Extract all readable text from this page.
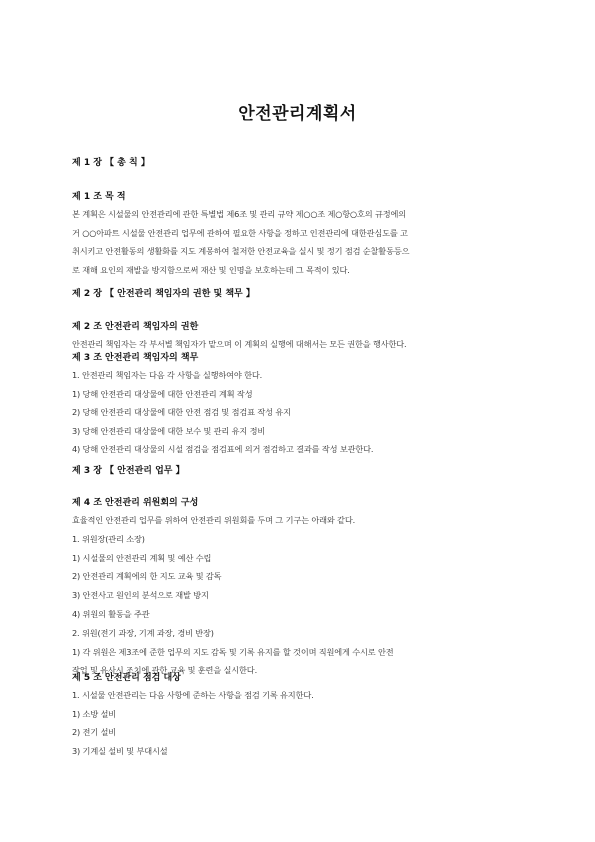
안전관리계획서

제 1 장 【 총 칙 】

제 1 조 목 적

본 계획은 시설물의 안전관리에 관한 특별법 제6조 및 관리 규약 제○○조 제○항○호의 규정에의

거 ○○아파트 시설물 안전관리 업무에 관하여 필요한 사항을 정하고 인전관리에 대한관심도를 고

취시키고 안전활동의 생활화를 지도 계몽하여 철저한 안전교육을 실시 및 정기 점검 순찰활동등으

로 재해 요인의 재발을 방지함으로써 재산 및 인명을 보호하는데 그 목적이 있다.

제 2 장 【 안전관리 책임자의 권한 및 책무 】

제 2 조 안전관리 책임자의 권한

안전관리 책임자는 각 부서별 책임자가 맡으며 이 계획의 실행에 대해서는 모든 권한을 행사한다.

제 3 조 안전관리 책임자의 책무

1. 안전관리 책임자는 다음 각 사항을 실행하여야 한다.

1) 당해 안전관리 대상물에 대한 안전관리 계획 작성

2) 당해 안전관리 대상물에 대한 안전 점검 및 점검표 작성 유지

3) 당해 안전관리 대상물에 대한 보수 및 관리 유지 정비

4) 당해 안전관리 대상물의 시설 점검을 점검표에 의거 점검하고 결과를 작성 보관한다.

제 3 장 【 안전관리 업무 】

제 4 조 안전관리 위원회의 구성

효율적인 안전관리 업무를 위하여 안전관리 위원회를 두며 그 기구는 아래와 같다.

1. 위원장(관리 소장)

1) 시설물의 안전관리 계획 및 예산 수립

2) 안전관리 계획에의 한 지도 교육 및 감독

3) 안전사고 원인의 분석으로 재발 방지

4) 위원의 활동을 주관

2. 위원(전기 과장, 기계 과장, 경비 반장)

1) 각 위원은 제3조에 준한 업무의 지도 감독 및 기록 유지를 할 것이며 직원에게 수시로 안전

작업 및 유사시 조치에 관한 교육 및 훈련을 실시한다.

제 5 조 안전관리 점검 대상

1. 시설물 안전관리는 다음 사항에 준하는 사항을 점검 기록 유지한다.

1) 소방 설비

2) 전기 설비

3) 기계실 설비 및 부대시설
